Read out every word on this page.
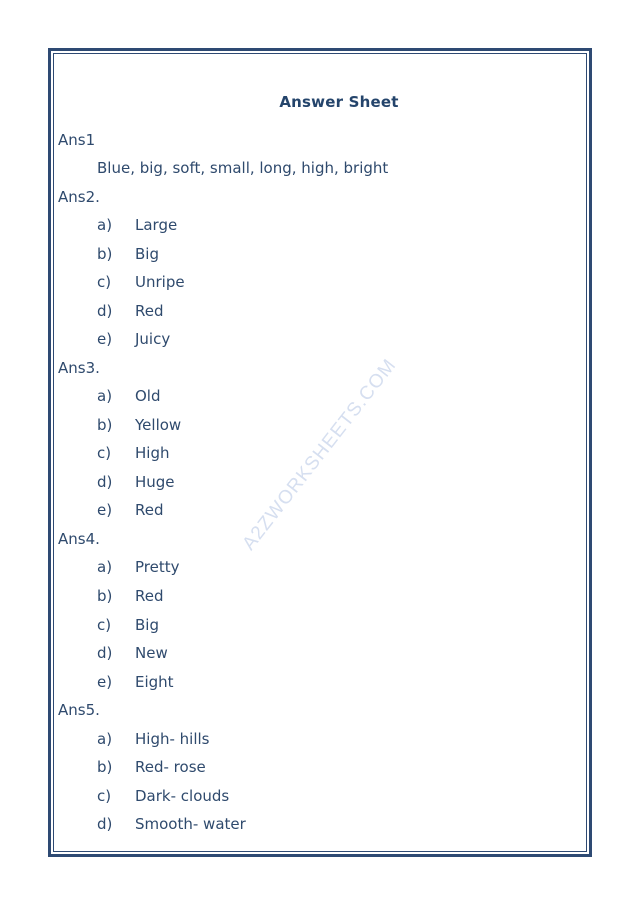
A2ZWORKSHEETS.COM
Answer Sheet
Ans1
Blue, big, soft, small, long, high, bright
Ans2.
a) Large
b) Big
c) Unripe
d) Red
e) Juicy
Ans3.
a) Old
b) Yellow
c) High
d) Huge
e) Red
Ans4.
a) Pretty
b) Red
c) Big
d) New
e) Eight
Ans5.
a) High- hills
b) Red- rose
c) Dark- clouds
d) Smooth- water
